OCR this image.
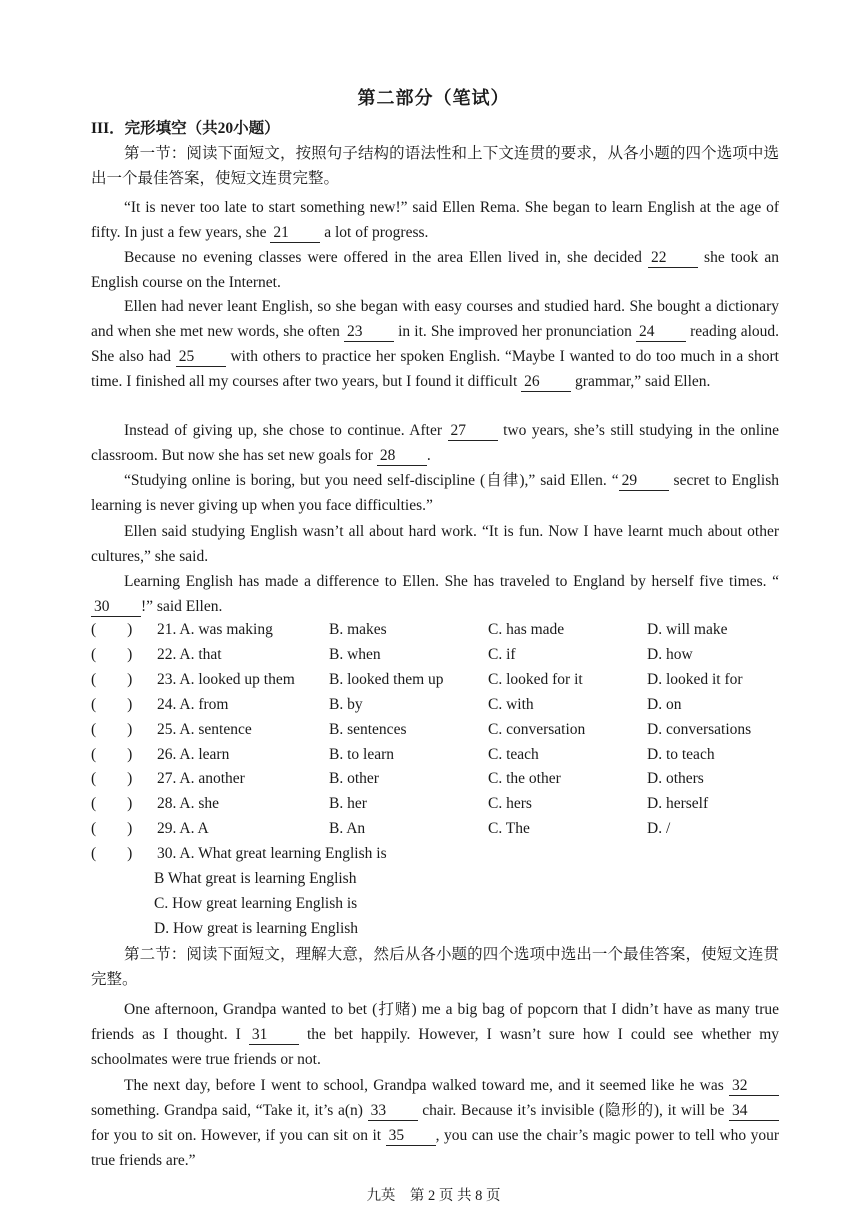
第二部分（笔试）
III．完形填空（共20小题）
第一节：阅读下面短文，按照句子结构的语法性和上下文连贯的要求，从各小题的四个选项中选出一个最佳答案，使短文连贯完整。
“It is never too late to start something new!” said Ellen Rema. She began to learn English at the age of fifty. In just a few years, she 21 a lot of progress.
Because no evening classes were offered in the area Ellen lived in, she decided 22 she took an English course on the Internet.
Ellen had never leant English, so she began with easy courses and studied hard. She bought a dictionary and when she met new words, she often 23 in it. She improved her pronunciation 24 reading aloud. She also had 25 with others to practice her spoken English. “Maybe I wanted to do too much in a short time. I finished all my courses after two years, but I found it difficult 26 grammar,” said Ellen.
Instead of giving up, she chose to continue. After 27 two years, she’s still studying in the online classroom. But now she has set new goals for 28 .
“Studying online is boring, but you need self-discipline (自律),” said Ellen. “ 29 secret to English learning is never giving up when you face difficulties.”
Ellen said studying English wasn’t all about hard work. “It is fun. Now I have learnt much about other cultures,” she said.
Learning English has made a difference to Ellen. She has traveled to England by herself five times. “30 !” said Ellen.
(　　)	21. A. was making	B. makes	C. has made	D. will make
(　　)	22. A. that	B. when	C. if	D. how
(　　)	23. A. looked up them	B. looked them up	C. looked for it	D. looked it for
(　　)	24. A. from	B. by	C. with	D. on
(　　)	25. A. sentence	B. sentences	C. conversation	D. conversations
(　　)	26. A. learn	B. to learn	C. teach	D. to teach
(　　)	27. A. another	B. other	C. the other	D. others
(　　)	28. A. she	B. her	C. hers	D. herself
(　　)	29. A. A	B. An	C. The	D. /
(　　)	30. A. What great learning English is
B What great is learning English
C. How great learning English is
D. How great is learning English
第二节：阅读下面短文，理解大意，然后从各小题的四个选项中选出一个最佳答案，使短文连贯完整。
One afternoon, Grandpa wanted to bet (打赌) me a big bag of popcorn that I didn’t have as many true friends as I thought. I 31	the bet happily. However, I wasn’t sure how I could see whether my schoolmates were true friends or not.
The next day, before I went to school, Grandpa walked toward me, and it seemed like he was 32 something. Grandpa said, “Take it, it’s a(n) 33 chair. Because it’s invisible (隐形的), it will be 34 for you to sit on. However, if you can sit on it 35 , you can use the chair’s magic power to tell who your true friends are.”
九英　第 2 页 共 8 页
